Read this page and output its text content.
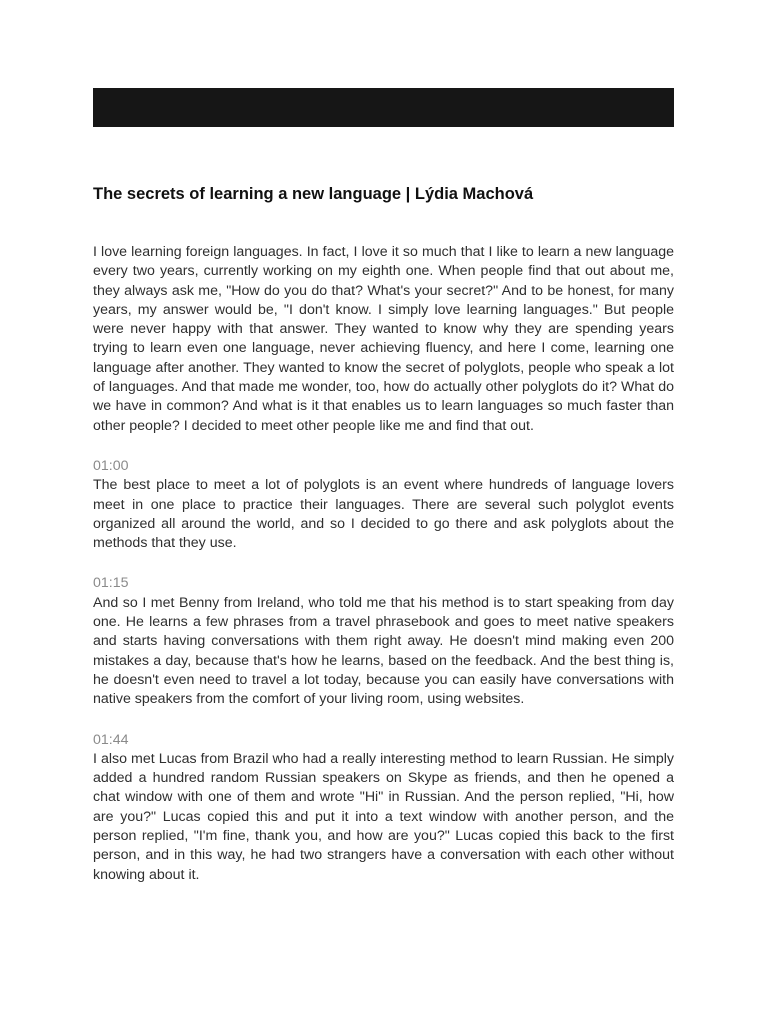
The secrets of learning a new language | Lýdia Machová

I love learning foreign languages. In fact, I love it so much that I like to learn a new language every two years, currently working on my eighth one. When people find that out about me, they always ask me, "How do you do that? What's your secret?" And to be honest, for many years, my answer would be, "I don't know. I simply love learning languages." But people were never happy with that answer. They wanted to know why they are spending years trying to learn even one language, never achieving fluency, and here I come, learning one language after another. They wanted to know the secret of polyglots, people who speak a lot of languages. And that made me wonder, too, how do actually other polyglots do it? What do we have in common? And what is it that enables us to learn languages so much faster than other people? I decided to meet other people like me and find that out.

01:00

The best place to meet a lot of polyglots is an event where hundreds of language lovers meet in one place to practice their languages. There are several such polyglot events organized all around the world, and so I decided to go there and ask polyglots about the methods that they use.

01:15

And so I met Benny from Ireland, who told me that his method is to start speaking from day one. He learns a few phrases from a travel phrasebook and goes to meet native speakers and starts having conversations with them right away. He doesn't mind making even 200 mistakes a day, because that's how he learns, based on the feedback. And the best thing is, he doesn't even need to travel a lot today, because you can easily have conversations with native speakers from the comfort of your living room, using websites.

01:44

I also met Lucas from Brazil who had a really interesting method to learn Russian. He simply added a hundred random Russian speakers on Skype as friends, and then he opened a chat window with one of them and wrote "Hi" in Russian. And the person replied, "Hi, how are you?" Lucas copied this and put it into a text window with another person, and the person replied, "I'm fine, thank you, and how are you?" Lucas copied this back to the first person, and in this way, he had two strangers have a conversation with each other without knowing about it.
